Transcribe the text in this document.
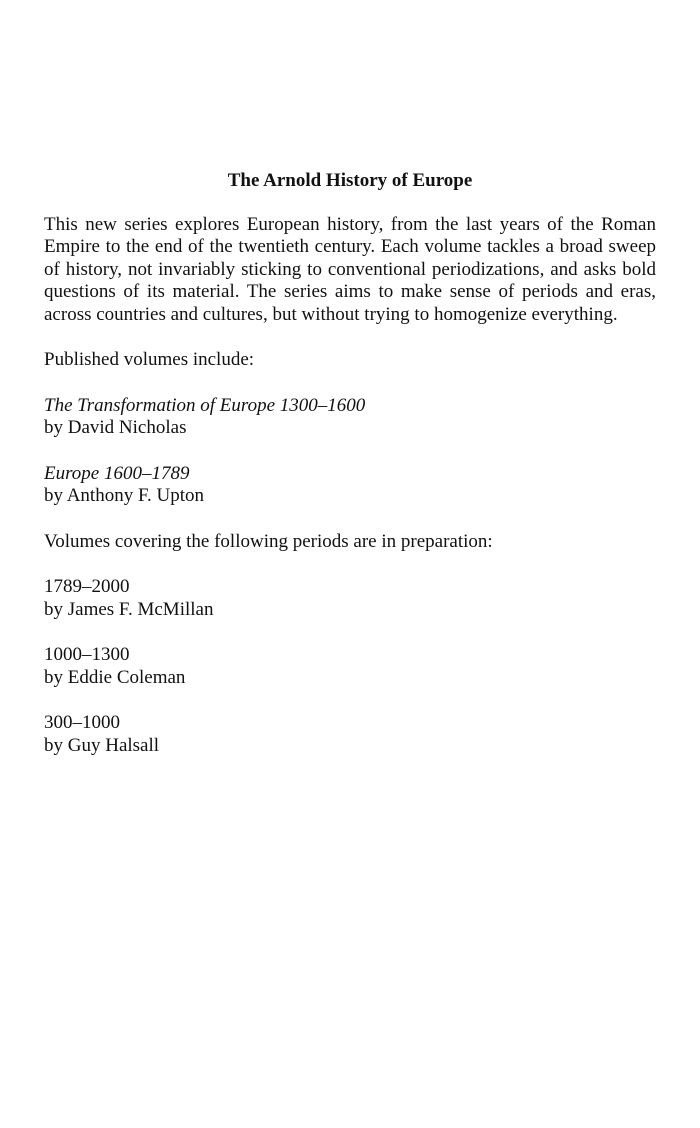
The Arnold History of Europe

This new series explores European history, from the last years of the Roman Empire to the end of the twentieth century. Each volume tackles a broad sweep of history, not invariably sticking to conventional periodizations, and asks bold questions of its material. The series aims to make sense of periods and eras, across countries and cultures, but without trying to homogenize everything.

Published volumes include:

The Transformation of Europe 1300–1600
by David Nicholas
Europe 1600–1789
by Anthony F. Upton

Volumes covering the following periods are in preparation:

1789–2000
by James F. McMillan
1000–1300
by Eddie Coleman
300–1000
by Guy Halsall
